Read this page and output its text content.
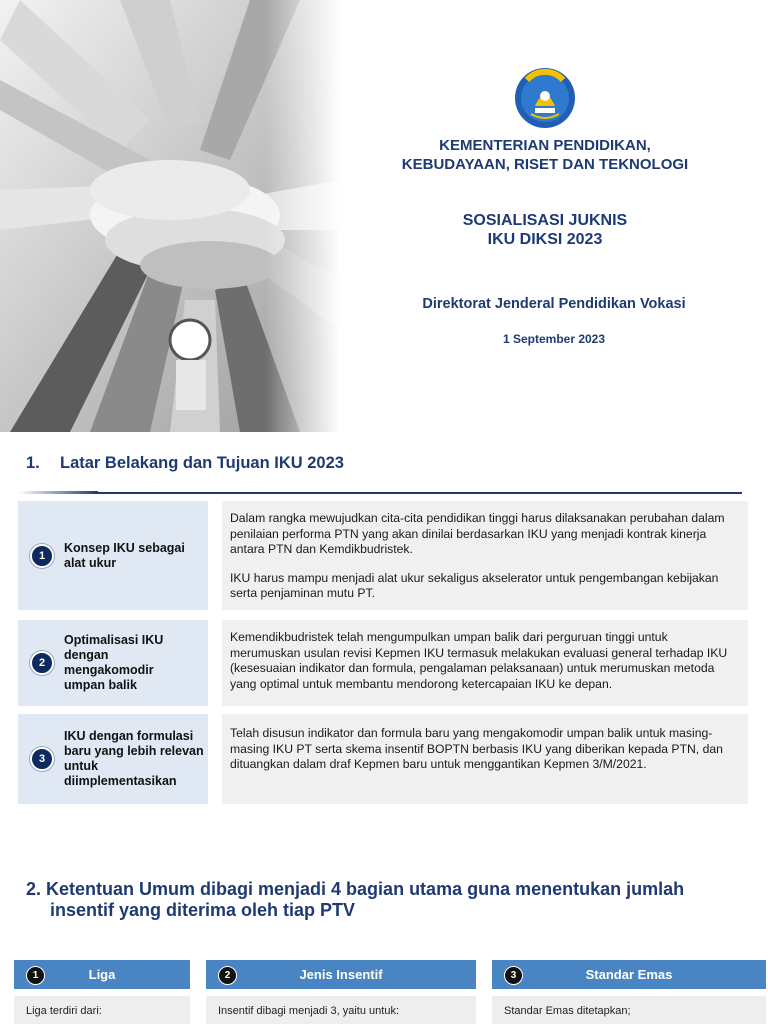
KEMENTERIAN PENDIDIKAN,
KEBUDAYAAN, RISET DAN TEKNOLOGI
SOSIALISASI JUKNIS
IKU DIKSI 2023
Direktorat Jenderal Pendidikan Vokasi
1 September 2023
1. Latar Belakang dan Tujuan IKU 2023
1
Konsep IKU sebagai alat ukur

Dalam rangka mewujudkan cita-cita pendidikan tinggi harus dilaksanakan perubahan dalam penilaian performa PTN yang akan dinilai berdasarkan IKU yang menjadi kontrak kinerja antara PTN dan Kemdikbudristek.

IKU harus mampu menjadi alat ukur sekaligus akselerator untuk pengembangan kebijakan serta penjaminan mutu PT.

2
Optimalisasi IKU dengan mengakomodir umpan balik

Kemendikbudristek telah mengumpulkan umpan balik dari perguruan tinggi untuk merumuskan usulan revisi Kepmen IKU termasuk melakukan evaluasi general terhadap IKU (kesesuaian indikator dan formula, pengalaman pelaksanaan) untuk merumuskan metoda yang optimal untuk membantu mendorong ketercapaian IKU ke depan.

3
IKU dengan formulasi baru yang lebih relevan untuk diimplementasikan

Telah disusun indikator dan formula baru yang mengakomodir umpan balik untuk masing-masing IKU PT serta skema insentif BOPTN berbasis IKU yang diberikan kepada PTN, dan dituangkan dalam draf Kepmen baru untuk menggantikan Kepmen 3/M/2021.

2. Ketentuan Umum dibagi menjadi 4 bagian utama guna menentukan jumlah
insentif yang diterima oleh tiap PTV
1	Liga
Liga terdiri dari:
2	Jenis Insentif
Insentif dibagi menjadi 3, yaitu untuk:
3	Standar Emas
Standar Emas ditetapkan;
